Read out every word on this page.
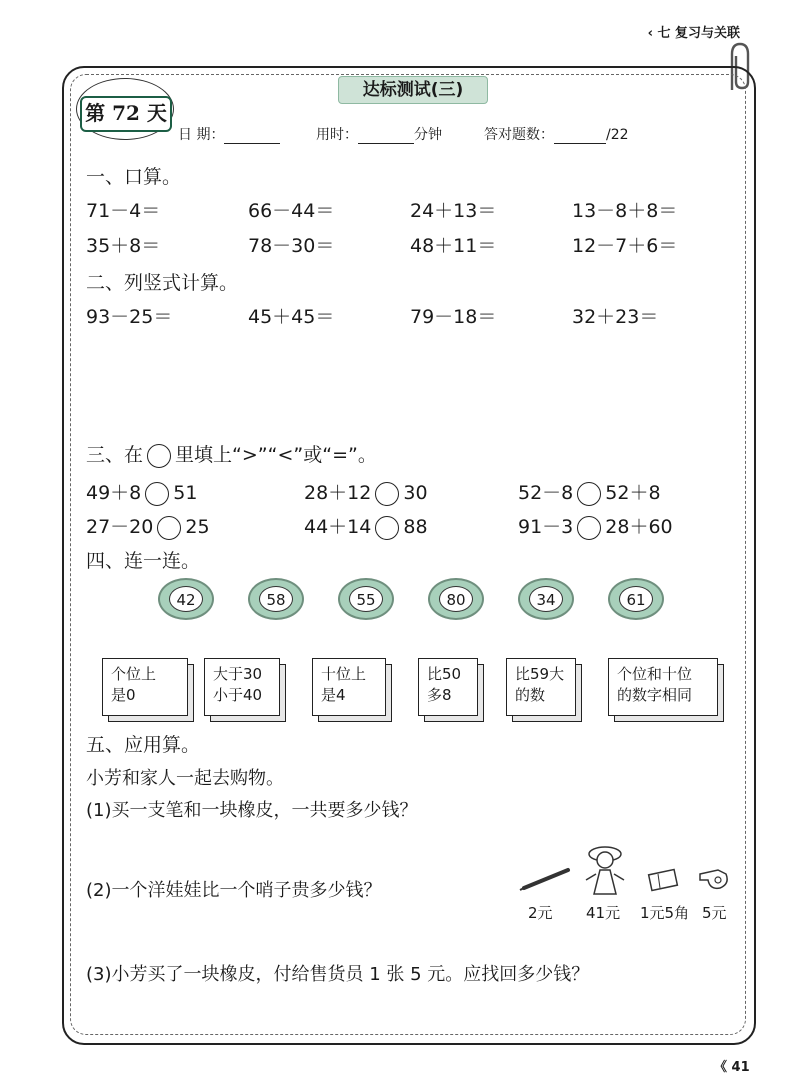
‹ 七 复习与关联
达标测试(三)
第 72 天
日 期：	用时：	分钟	答对题数：	/22
一、口算。
71－4＝	66－44＝	24＋13＝	13－8＋8＝
35＋8＝	78－30＝	48＋11＝	12－7＋6＝
二、列竖式计算。
93－25＝	45＋45＝	79－18＝	32＋23＝
三、在 里填上“>”“<”或“=”。
49＋8 51	28＋12 30	52－8 52＋8
27－20 25	44＋14 88	91－3 28＋60
四、连一连。
42	58	55	80	34	61
个位上
是0
大于30
小于40
十位上
是4
比50
多8
比59大
的数
个位和十位
的数字相同
五、应用算。
小芳和家人一起去购物。
(1)买一支笔和一块橡皮，一共要多少钱？
(2)一个洋娃娃比一个哨子贵多少钱？
(3)小芳买了一块橡皮，付给售货员 1 张 5 元。应找回多少钱？
2元 41元 1元5角 5元
《 41
